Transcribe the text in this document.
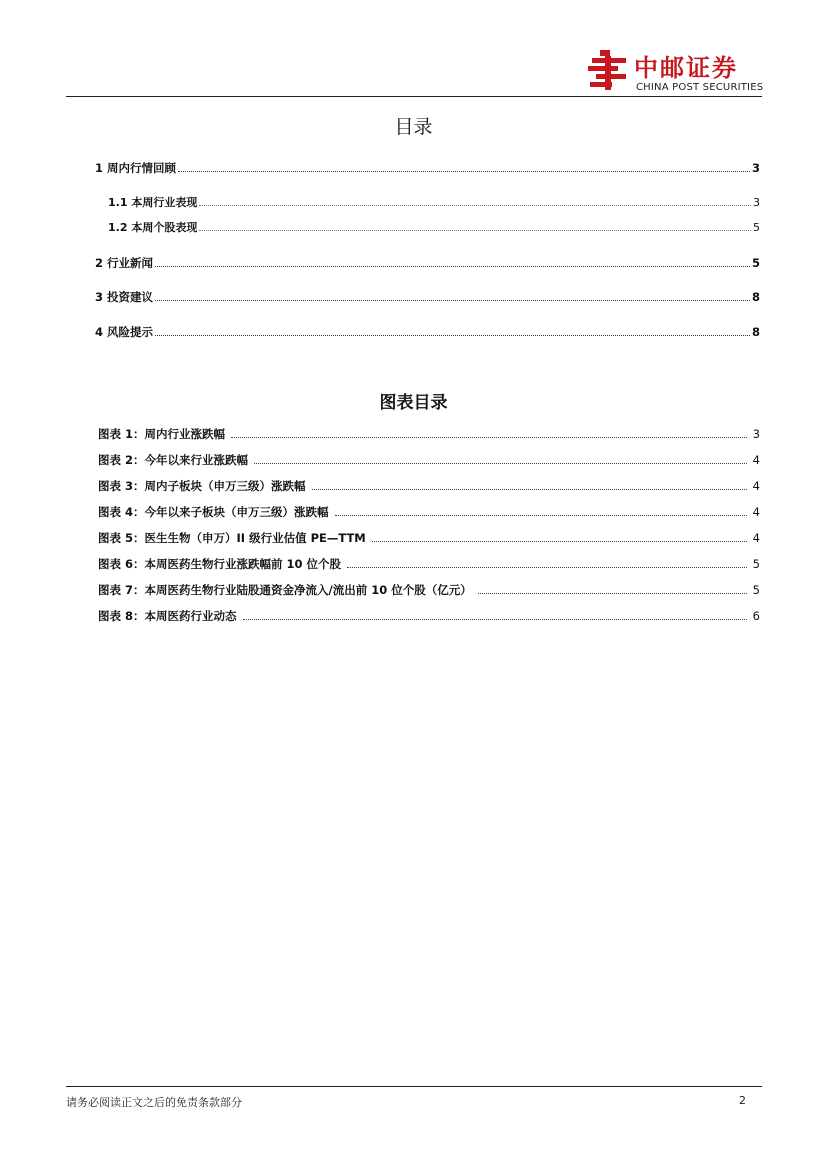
中邮证券
CHINA POST SECURITIES
目录
1 周内行情回顾	3
1.1 本周行业表现	3
1.2 本周个股表现	5
2 行业新闻	5
3 投资建议	8
4 风险提示	8
图表目录
图表 1：周内行业涨跌幅	3
图表 2：今年以来行业涨跌幅	4
图表 3：周内子板块（申万三级）涨跌幅	4
图表 4：今年以来子板块（申万三级）涨跌幅	4
图表 5：医生生物（申万）II 级行业估值 PE—TTM	4
图表 6：本周医药生物行业涨跌幅前 10 位个股	5
图表 7：本周医药生物行业陆股通资金净流入/流出前 10 位个股（亿元）	5
图表 8：本周医药行业动态	6
请务必阅读正文之后的免责条款部分	2
